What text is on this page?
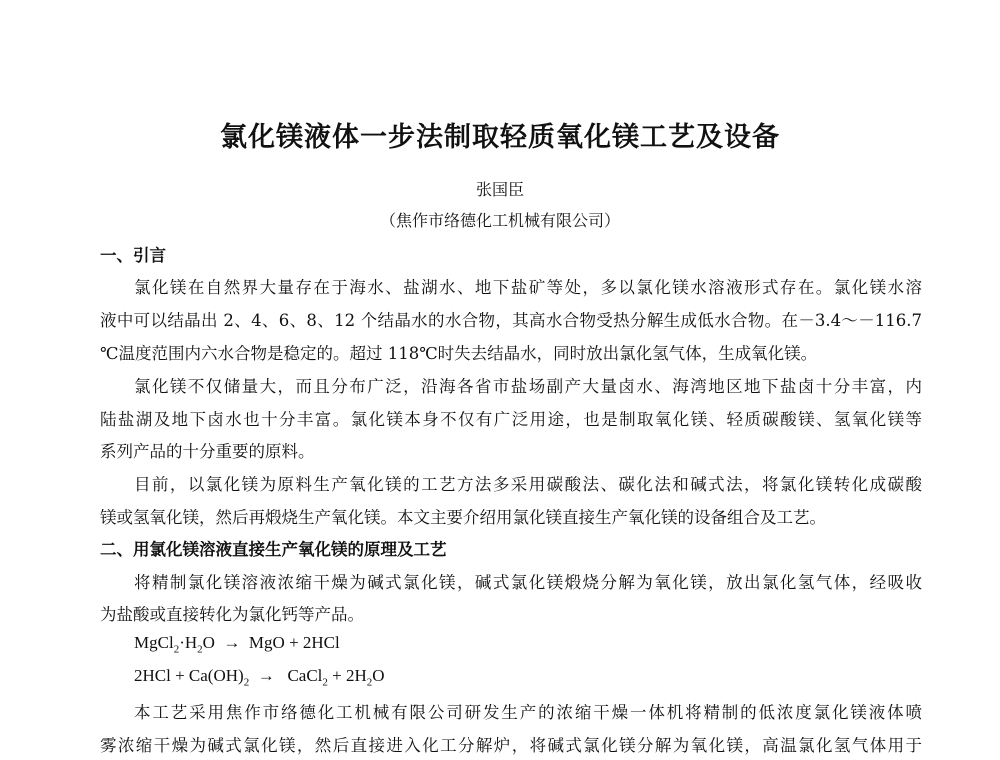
氯化镁液体一步法制取轻质氧化镁工艺及设备
张国臣
（焦作市络德化工机械有限公司）
一、引言
氯化镁在自然界大量存在于海水、盐湖水、地下盐矿等处，多以氯化镁水溶液形式存在。氯化镁水溶
液中可以结晶出 2、4、6、8、12 个结晶水的水合物，其高水合物受热分解生成低水合物。在－3.4～－116.7
℃温度范围内六水合物是稳定的。超过 118℃时失去结晶水，同时放出氯化氢气体，生成氧化镁。
氯化镁不仅储量大，而且分布广泛，沿海各省市盐场副产大量卤水、海湾地区地下盐卤十分丰富，内
陆盐湖及地下卤水也十分丰富。氯化镁本身不仅有广泛用途，也是制取氧化镁、轻质碳酸镁、氢氧化镁等
系列产品的十分重要的原料。
目前，以氯化镁为原料生产氧化镁的工艺方法多采用碳酸法、碳化法和碱式法，将氯化镁转化成碳酸
镁或氢氧化镁，然后再煅烧生产氧化镁。本文主要介绍用氯化镁直接生产氧化镁的设备组合及工艺。
二、用氯化镁溶液直接生产氧化镁的原理及工艺
将精制氯化镁溶液浓缩干燥为碱式氯化镁，碱式氯化镁煅烧分解为氧化镁，放出氯化氢气体，经吸收
为盐酸或直接转化为氯化钙等产品。
$MgCl_2\cdot H_2O$ → MgO + 2HCl
$2HCl + Ca(OH)_2$ → CaCl$_2$ + $2H_2O$
本工艺采用焦作市络德化工机械有限公司研发生产的浓缩干燥一体机将精制的低浓度氯化镁液体喷
雾浓缩干燥为碱式氯化镁，然后直接进入化工分解炉，将碱式氯化镁分解为氧化镁，高温氯化氢气体用于
